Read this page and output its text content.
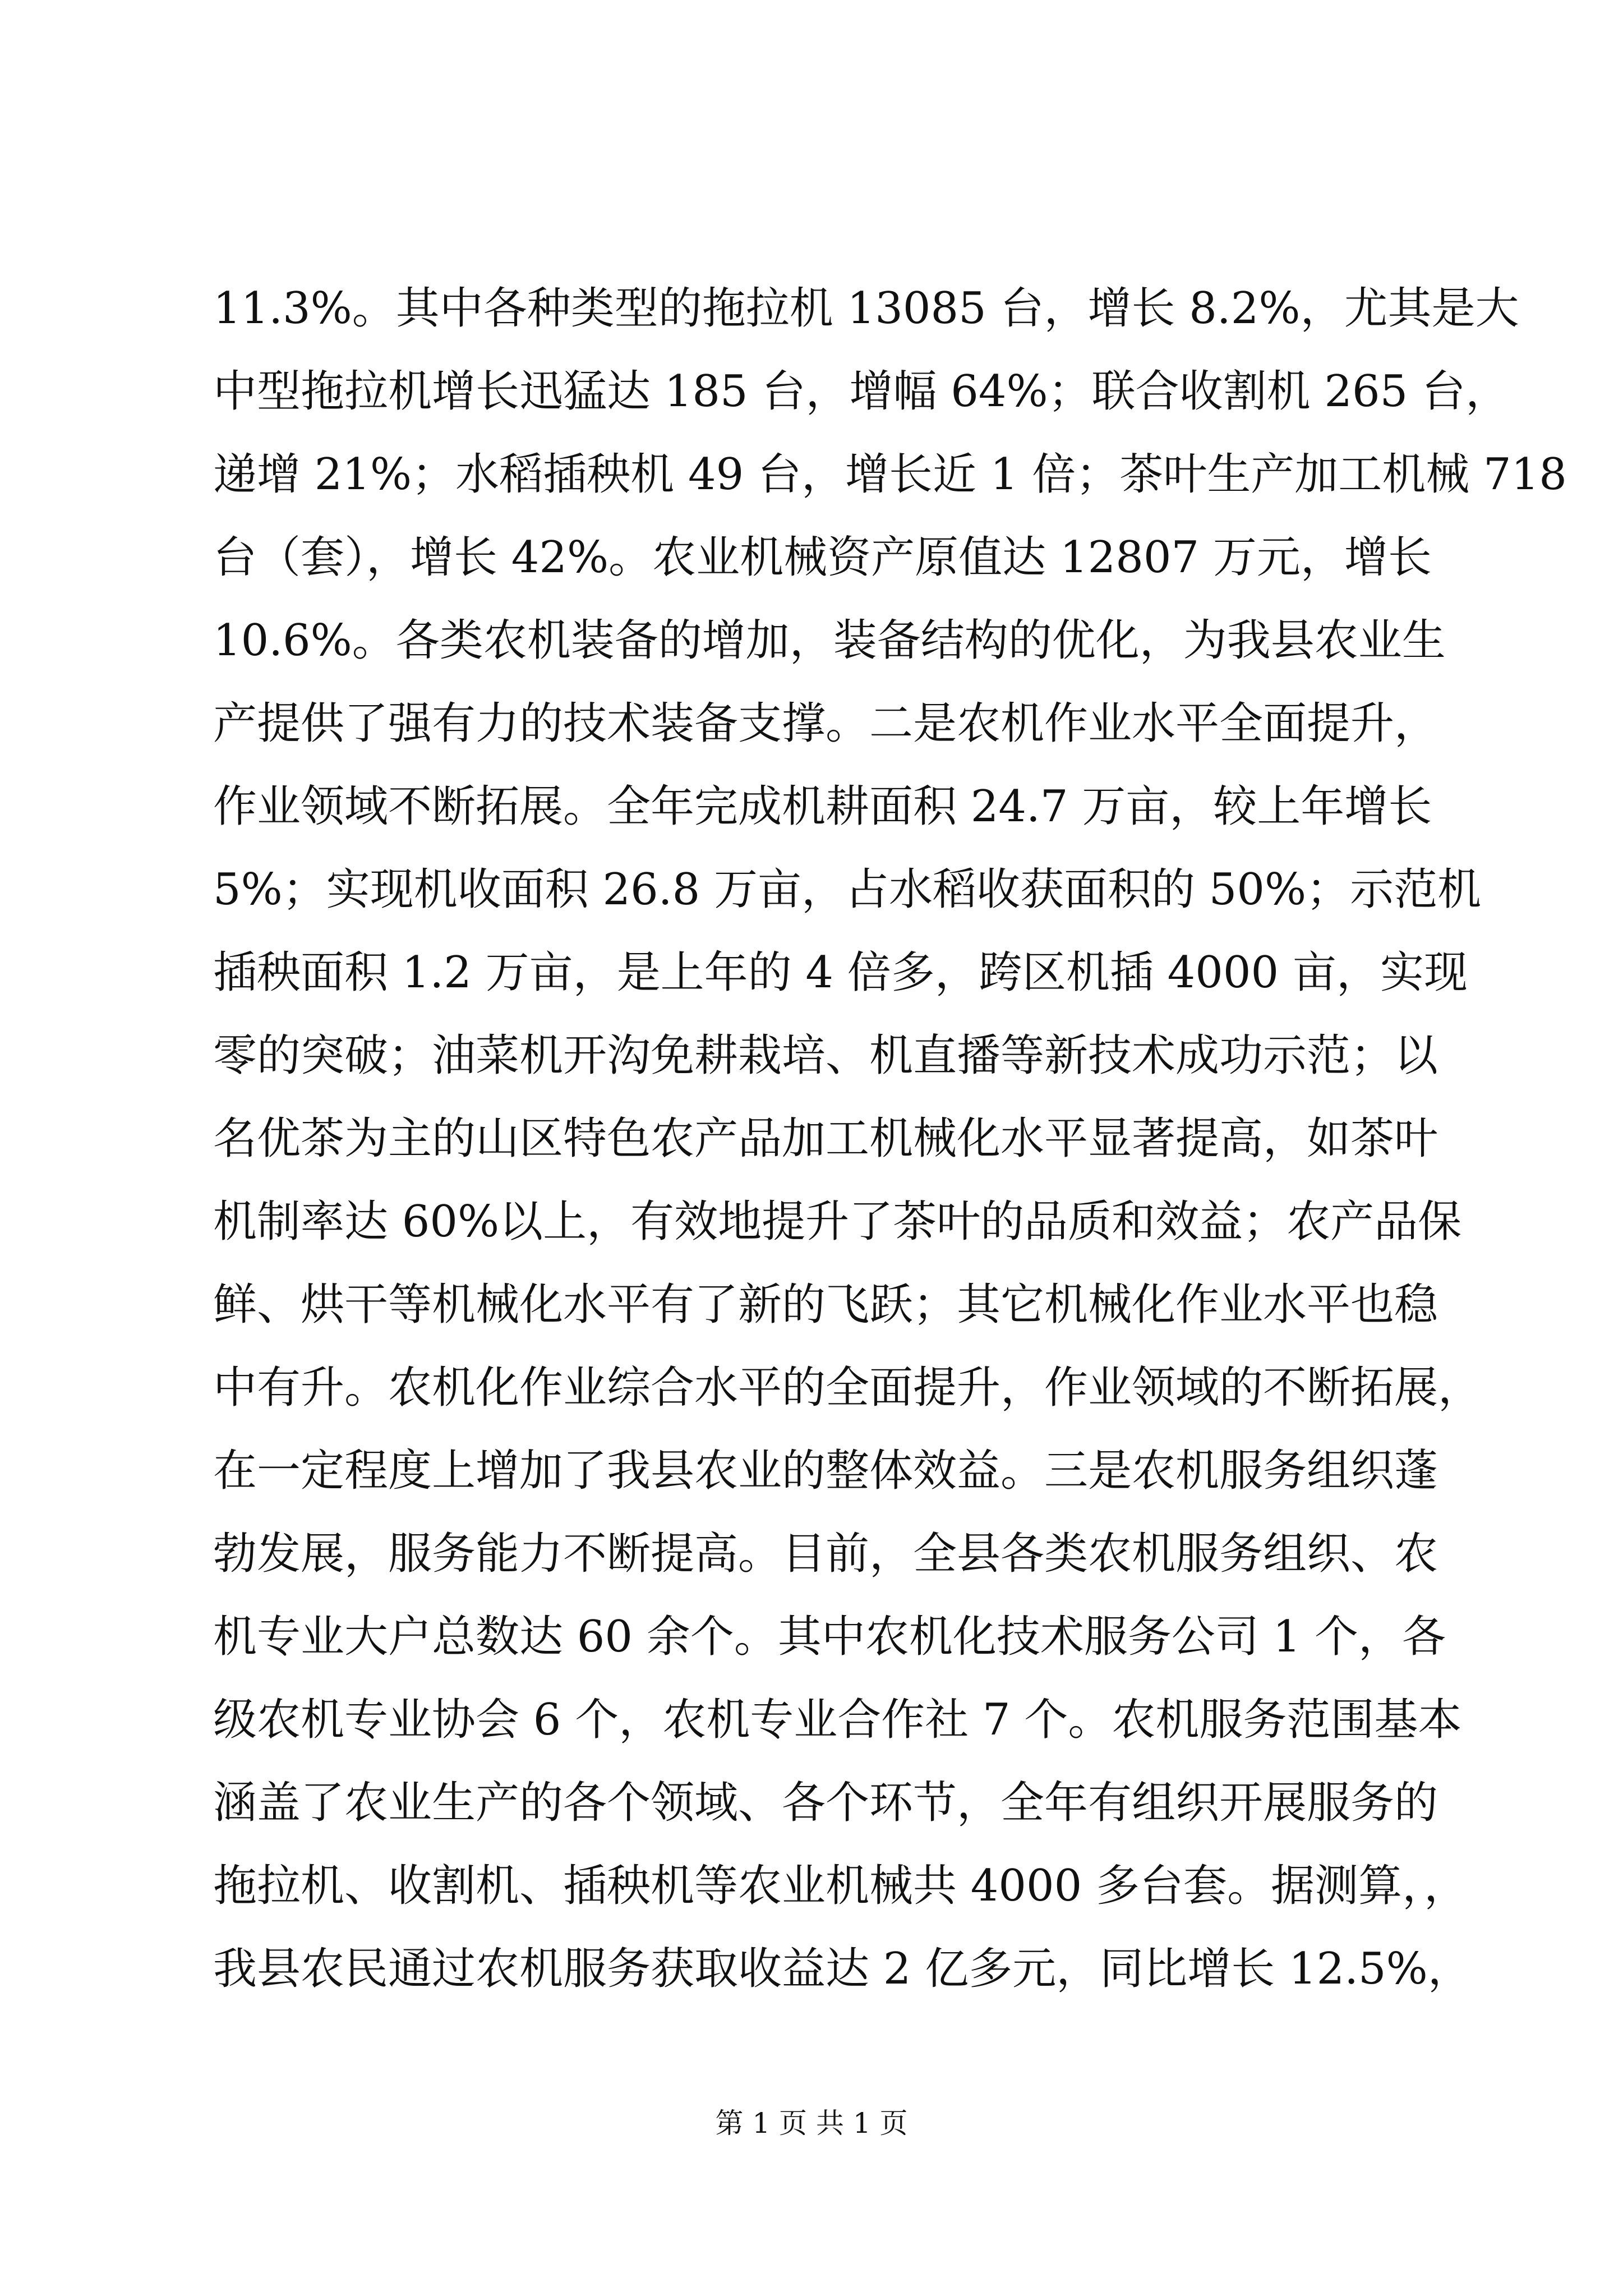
11.3%。其中各种类型的拖拉机 13085 台，增长 8.2%，尤其是大
中型拖拉机增长迅猛达 185 台，增幅 64%；联合收割机 265 台，
递增 21%；水稻插秧机 49 台，增长近 1 倍；茶叶生产加工机械 718
台（套），增长 42%。农业机械资产原值达 12807 万元，增长
10.6%。各类农机装备的增加，装备结构的优化，为我县农业生
产提供了强有力的技术装备支撑。二是农机作业水平全面提升，
作业领域不断拓展。全年完成机耕面积 24.7 万亩，较上年增长
5%；实现机收面积 26.8 万亩，占水稻收获面积的 50%；示范机
插秧面积 1.2 万亩，是上年的 4 倍多，跨区机插 4000 亩，实现
零的突破；油菜机开沟免耕栽培、机直播等新技术成功示范；以
名优茶为主的山区特色农产品加工机械化水平显著提高，如茶叶
机制率达 60%以上，有效地提升了茶叶的品质和效益；农产品保
鲜、烘干等机械化水平有了新的飞跃；其它机械化作业水平也稳
中有升。农机化作业综合水平的全面提升，作业领域的不断拓展，
在一定程度上增加了我县农业的整体效益。三是农机服务组织蓬
勃发展，服务能力不断提高。目前，全县各类农机服务组织、农
机专业大户总数达 60 余个。其中农机化技术服务公司 1 个，各
级农机专业协会 6 个，农机专业合作社 7 个。农机服务范围基本
涵盖了农业生产的各个领域、各个环节，全年有组织开展服务的
拖拉机、收割机、插秧机等农业机械共 4000 多台套。据测算，，
我县农民通过农机服务获取收益达 2 亿多元，同比增长 12.5%，
第 1 页 共 1 页
